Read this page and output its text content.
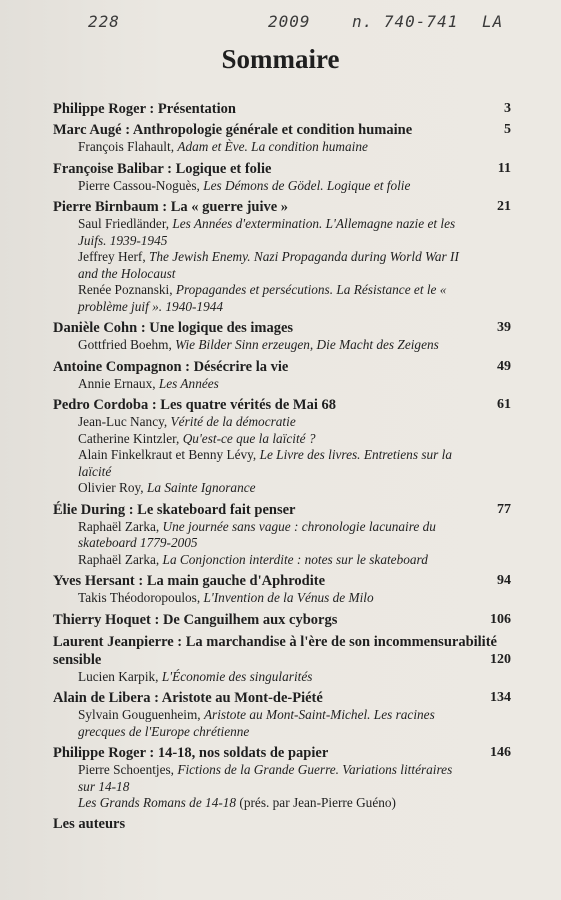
228	2009	n. 740-741 LA
Sommaire
Philippe Roger : Présentation	3
Marc Augé : Anthropologie générale et condition humaine	5
François Flahault, Adam et Ève. La condition humaine
Françoise Balibar : Logique et folie	11
Pierre Cassou-Noguès, Les Démons de Gödel. Logique et folie
Pierre Birnbaum : La « guerre juive »	21
Saul Friedländer, Les Années d'extermination. L'Allemagne nazie et les Juifs. 1939-1945
Jeffrey Herf, The Jewish Enemy. Nazi Propaganda during World War II and the Holocaust
Renée Poznanski, Propagandes et persécutions. La Résistance et le « problème juif ». 1940-1944
Danièle Cohn : Une logique des images	39
Gottfried Boehm, Wie Bilder Sinn erzeugen, Die Macht des Zeigens
Antoine Compagnon : Désécrire la vie	49
Annie Ernaux, Les Années
Pedro Cordoba : Les quatre vérités de Mai 68	61
Jean-Luc Nancy, Vérité de la démocratie
Catherine Kintzler, Qu'est-ce que la laïcité ?
Alain Finkelkraut et Benny Lévy, Le Livre des livres. Entretiens sur la laïcité
Olivier Roy, La Sainte Ignorance
Élie During : Le skateboard fait penser	77
Raphaël Zarka, Une journée sans vague : chronologie lacunaire du skateboard 1779-2005
Raphaël Zarka, La Conjonction interdite : notes sur le skateboard
Yves Hersant : La main gauche d'Aphrodite	94
Takis Théodoropoulos, L'Invention de la Vénus de Milo
Thierry Hoquet : De Canguilhem aux cyborgs	106
Laurent Jeanpierre : La marchandise à l'ère de son incommensurabilité sensible	120
Lucien Karpik, L'Économie des singularités
Alain de Libera : Aristote au Mont-de-Piété	134
Sylvain Gouguenheim, Aristote au Mont-Saint-Michel. Les racines grecques de l'Europe chrétienne
Philippe Roger : 14-18, nos soldats de papier	146
Pierre Schoentjes, Fictions de la Grande Guerre. Variations littéraires sur 14-18
Les Grands Romans de 14-18 (prés. par Jean-Pierre Guéno)
Les auteurs
